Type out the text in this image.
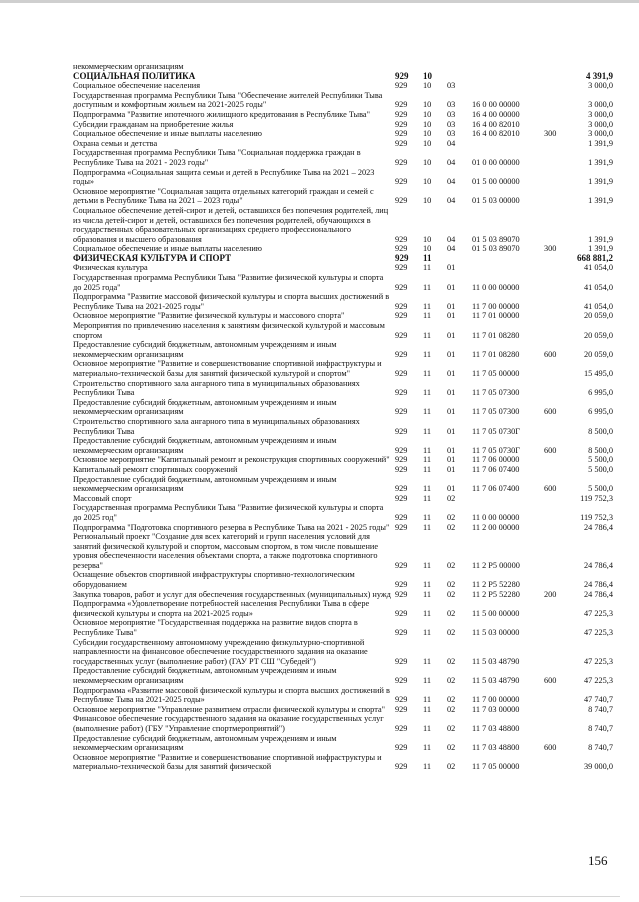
некоммерческим организациям
СОЦИАЛЬНАЯ ПОЛИТИКА	929	10	4 391,9
Социальное обеспечение населения	929	10	03	3 000,0
Государственная программа Республики Тыва "Обеспечение жителей Республики Тыва доступным и комфортным жильем на 2021-2025 годы"	929	10	03	16 0 00 00000	3 000,0
Подпрограмма "Развитие ипотечного жилищного кредитования в Республике Тыва"	929	10	03	16 4 00 00000	3 000,0
Субсидии гражданам на приобретение жилья	929	10	03	16 4 00 82010	3 000,0
Социальное обеспечение и иные выплаты населению	929	10	03	16 4 00 82010	300	3 000,0
Охрана семьи и детства	929	10	04	1 391,9
Государственная программа Республики Тыва "Социальная поддержка граждан в Республике Тыва на 2021 - 2023 годы"	929	10	04	01 0 00 00000	1 391,9
Подпрограмма «Социальная защита семьи и детей в Республике Тыва на 2021 – 2023 годы»	929	10	04	01 5 00 00000	1 391,9
Основное мероприятие "Социальная защита отдельных категорий граждан и семей с детьми в Республике Тыва на 2021 – 2023 годы"	929	10	04	01 5 03 00000	1 391,9
Социальное обеспечение детей-сирот и детей, оставшихся без попечения родителей, лиц из числа детей-сирот и детей, оставшихся без попечения родителей, обучающихся в государственных образовательных организациях среднего профессионального образования и высшего образования	929	10	04	01 5 03 89070	1 391,9
Социальное обеспечение и иные выплаты населению	929	10	04	01 5 03 89070	300	1 391,9
ФИЗИЧЕСКАЯ КУЛЬТУРА И СПОРТ	929	11	668 881,2
Физическая культура	929	11	01	41 054,0
Государственная программа Республики Тыва "Развитие физической культуры и спорта до 2025 года"	929	11	01	11 0 00 00000	41 054,0
Подпрограмма "Развитие массовой физической культуры и спорта высших достижений в Республике Тыва на 2021-2025 годы"	929	11	01	11 7 00 00000	41 054,0
Основное мероприятие "Развитие физической культуры и массового спорта"	929	11	01	11 7 01 00000	20 059,0
Мероприятия по привлечению населения к занятиям физической культурой и массовым спортом	929	11	01	11 7 01 08280	20 059,0
Предоставление субсидий бюджетным, автономным учреждениям и иным некоммерческим организациям	929	11	01	11 7 01 08280	600	20 059,0
Основное мероприятие "Развитие и совершенствование спортивной инфраструктуры и материально-технической базы для занятий физической культурой и спортом"	929	11	01	11 7 05 00000	15 495,0
Строительство спортивного зала ангарного типа в муниципальных образованиях Республики Тыва	929	11	01	11 7 05 07300	6 995,0
Предоставление субсидий бюджетным, автономным учреждениям и иным некоммерческим организациям	929	11	01	11 7 05 07300	600	6 995,0
Строительство спортивного зала ангарного типа в муниципальных образованиях Республики Тыва	929	11	01	11 7 05 0730Г	8 500,0
Предоставление субсидий бюджетным, автономным учреждениям и иным некоммерческим организациям	929	11	01	11 7 05 0730Г	600	8 500,0
Основное мероприятие "Капитальный ремонт и реконструкция спортивных сооружений" 929	11	01	11 7 06 00000	5 500,0
Капитальный ремонт спортивных сооружений	929	11	01	11 7 06 07400	5 500,0
Предоставление субсидий бюджетным, автономным учреждениям и иным некоммерческим организациям	929	11	01	11 7 06 07400	600	5 500,0
Массовый спорт	929	11	02	119 752,3
Государственная программа Республики Тыва "Развитие физической культуры и спорта до 2025 год"	929	11	02	11 0 00 00000	119 752,3
Подпрограмма "Подготовка спортивного резерва в Республике Тыва на 2021 - 2025 годы" 929	11	02	11 2 00 00000	24 786,4
Региональный проект "Создание для всех категорий и групп населения условий для занятий физической культурой и спортом, массовым спортом, в том числе повышение уровня обеспеченности населения объектами спорта, а также подготовка спортивного резерва"	929	11	02	11 2 P5 00000	24 786,4
Оснащение объектов спортивной инфраструктуры спортивно-технологическим оборудованием	929	11	02	11 2 P5 52280	24 786,4
Закупка товаров, работ и услуг для обеспечения государственных (муниципальных) нужд 929	11	02	11 2 P5 52280	200	24 786,4
Подпрограмма «Удовлетворение потребностей населения Республики Тыва в сфере физической культуры и спорта на 2021-2025 годы»	929	11	02	11 5 00 00000	47 225,3
Основное мероприятие "Государственная поддержка на развитие видов спорта в Республике Тыва"	929	11	02	11 5 03 00000	47 225,3
Субсидии государственному автономному учреждению физкультурно-спортивной направленности на финансовое обеспечение государственного задания на оказание государственных услуг (выполнение работ) (ГАУ РТ СШ "Субедей")	929	11	02	11 5 03 48790	47 225,3
Предоставление субсидий бюджетным, автономным учреждениям и иным некоммерческим организациям	929	11	02	11 5 03 48790	600	47 225,3
Подпрограмма «Развитие массовой физической культуры и спорта высших достижений в Республике Тыва на 2021-2025 годы»	929	11	02	11 7 00 00000	47 740,7
Основное мероприятие "Управление развитием отрасли физической культуры и спорта"	929	11	02	11 7 03 00000	8 740,7
Финансовое обеспечение государственного задания на оказание государственных услуг (выполнение работ) (ГБУ "Управление спортмероприятий")	929	11	02	11 7 03 48800	8 740,7
Предоставление субсидий бюджетным, автономным учреждениям и иным некоммерческим организациям	929	11	02	11 7 03 48800	600	8 740,7
Основное мероприятие "Развитие и совершенствование спортивной инфраструктуры и материально-технической базы для занятий физической	929	11	02	11 7 05 00000	39 000,0
156
